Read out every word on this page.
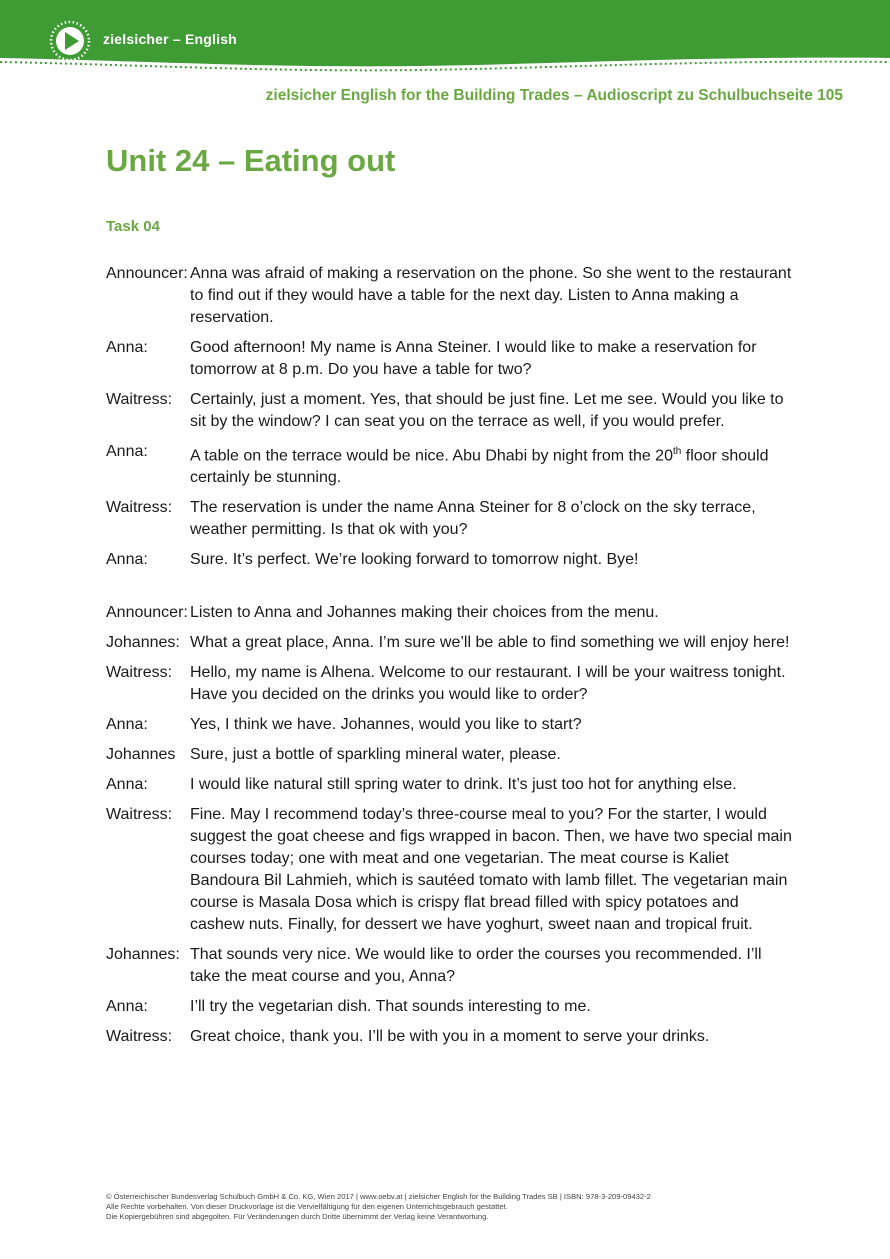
zielsicher – English
zielsicher English for the Building Trades – Audioscript zu Schulbuchseite 105
Unit 24 – Eating out
Task 04
Announcer: Anna was afraid of making a reservation on the phone. So she went to the restaurant to find out if they would have a table for the next day. Listen to Anna making a reservation.
Anna:	Good afternoon! My name is Anna Steiner. I would like to make a reservation for tomorrow at 8 p.m. Do you have a table for two?
Waitress:	Certainly, just a moment. Yes, that should be just fine. Let me see. Would you like to sit by the window? I can seat you on the terrace as well, if you would prefer.
Anna:	A table on the terrace would be nice. Abu Dhabi by night from the 20th floor should certainly be stunning.
Waitress:	The reservation is under the name Anna Steiner for 8 o’clock on the sky terrace, weather permitting. Is that ok with you?
Anna:	Sure. It’s perfect. We’re looking forward to tomorrow night. Bye!
Announcer: Listen to Anna and Johannes making their choices from the menu.
Johannes: What a great place, Anna. I’m sure we’ll be able to find something we will enjoy here!
Waitress:	Hello, my name is Alhena. Welcome to our restaurant. I will be your waitress tonight. Have you decided on the drinks you would like to order?
Anna:	Yes, I think we have. Johannes, would you like to start?
Johannes Sure, just a bottle of sparkling mineral water, please.
Anna:	I would like natural still spring water to drink. It’s just too hot for anything else.
Waitress:	Fine. May I recommend today’s three-course meal to you? For the starter, I would suggest the goat cheese and figs wrapped in bacon. Then, we have two special main courses today; one with meat and one vegetarian. The meat course is Kaliet Bandoura Bil Lahmieh, which is sautéed tomato with lamb fillet. The vegetarian main course is Masala Dosa which is crispy flat bread filled with spicy potatoes and cashew nuts. Finally, for dessert we have yoghurt, sweet naan and tropical fruit.
Johannes: That sounds very nice. We would like to order the courses you recommended. I’ll take the meat course and you, Anna?
Anna:	I’ll try the vegetarian dish. That sounds interesting to me.
Waitress:	Great choice, thank you. I’ll be with you in a moment to serve your drinks.
© Österreichischer Bundesverlag Schulbuch GmbH & Co. KG, Wien 2017 | www.oebv.at | zielsicher English for the Building Trades SB | ISBN: 978-3-209-09432-2
Alle Rechte vorbehalten. Von dieser Druckvorlage ist die Vervielfältigung für den eigenen Unterrichtsgebrauch gestattet.
Die Kopiergebühren sind abgegolten. Für Veränderungen durch Dritte übernimmt der Verlag keine Verantwortung.
